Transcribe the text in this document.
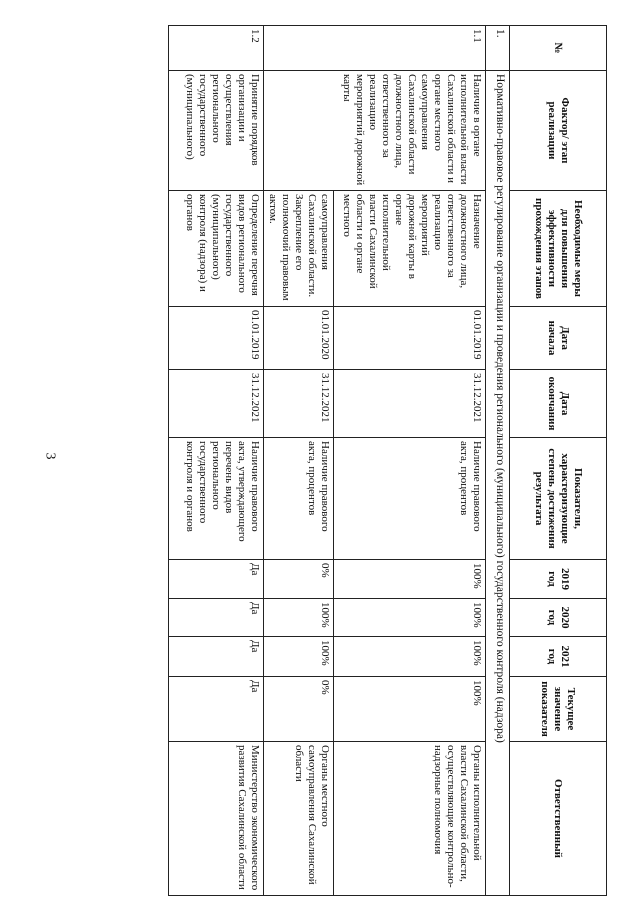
3
№	Фактор/ этап реализации	Необходимые меры для повышения эффективности прохождения этапов	Дата начала	Дата окончания	Показатели, характеризующие степень достижения результата	2019 год	2020 год	2021 год	Текущее значение показателя	Ответственный
1.	Нормативно-правовое регулирование организации и проведения регионального (муниципального) государственного контроля (надзора)									
1.1	Наличие в органе исполнительной власти Сахалинской области и органе местного самоуправления Сахалинской области должностного лица, ответственного за реализацию мероприятий дорожной карты	Назначение должностного лица, ответственного за реализацию мероприятий дорожной карты в органе исполнительной власти Сахалинской области и органе местного	01.01.2019	31.12.2021	Наличие правового акта, процентов	100%	100%	100%	100%	Органы исполнительной власти Сахалинской области, осуществляющие контрольно-надзорные полномочия
		самоуправления Сахалинской области. Закрепление его полномочий правовым актом.	01.01.2020	31.12.2021	Наличие правового акта, процентов	0%	100%	100%	0%	Органы местного самоуправления Сахалинской области
1.2	Принятие порядков организации и осуществления регионального государственного (муниципального)	Определение перечня видов регионального государственного (муниципального) контроля (надзора) и органов	01.01.2019	31.12.2021	Наличие правового акта, утверждающего перечень видов регионального государственного контроля и органов	Да	Да	Да	Да	Министерство экономического развития Сахалинской области
